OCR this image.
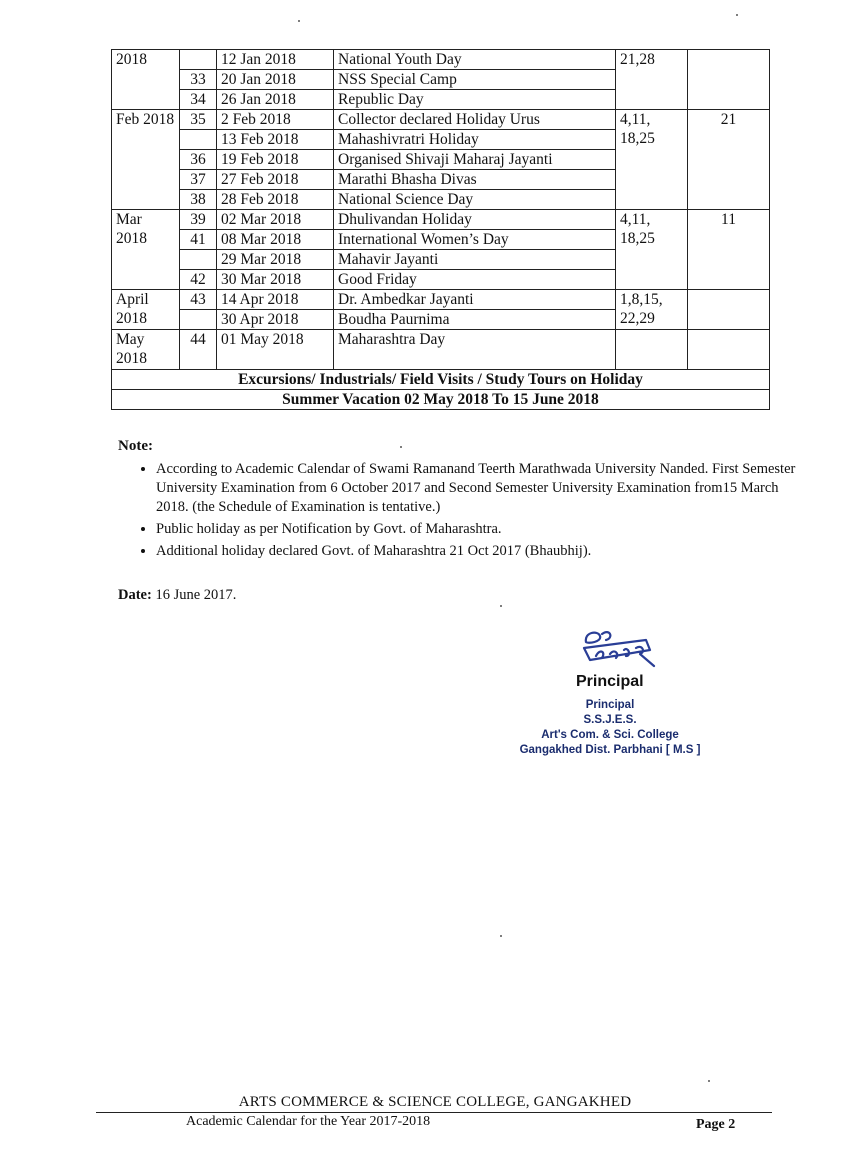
2018		12 Jan 2018	National Youth Day	21,28	
	33	20 Jan 2018	NSS Special Camp		
	34	26 Jan 2018	Republic Day		
Feb 2018	35	2 Feb 2018	Collector declared Holiday Urus	4,11, 18,25	21
		13 Feb 2018	Mahashivratri Holiday		
	36	19 Feb 2018	Organised Shivaji Maharaj Jayanti		
	37	27 Feb 2018	Marathi Bhasha Divas		
	38	28 Feb 2018	National Science Day		
Mar 2018	39	02 Mar 2018	Dhulivandan Holiday	4,11, 18,25	11
	41	08 Mar 2018	International Women’s Day		
		29 Mar 2018	Mahavir Jayanti		
	42	30 Mar 2018	Good Friday		
April 2018	43	14 Apr 2018	Dr. Ambedkar Jayanti	1,8,15, 22,29	
		30 Apr 2018	Boudha Paurnima		
May 2018	44	01 May 2018	Maharashtra Day		
Excursions/ Industrials/ Field Visits / Study Tours on Holiday					
Summer Vacation 02 May 2018 To 15 June 2018					

Note:

• According to Academic Calendar of Swami Ramanand Teerth Marathwada University Nanded. First Semester University Examination from 6 October 2017 and Second Semester University Examination from15 March 2018. (the Schedule of Examination is tentative.)
• Public holiday as per Notification by Govt. of Maharashtra.
• Additional holiday declared Govt. of Maharashtra 21 Oct 2017 (Bhaubhij).

Date: 16 June 2017.

Principal
Principal
S.S.J.E.S.
Art's Com. & Sci. College
Gangakhed Dist. Parbhani [ M.S ]
ARTS COMMERCE & SCIENCE COLLEGE, GANGAKHED
Academic Calendar for the Year 2017-2018	Page 2
